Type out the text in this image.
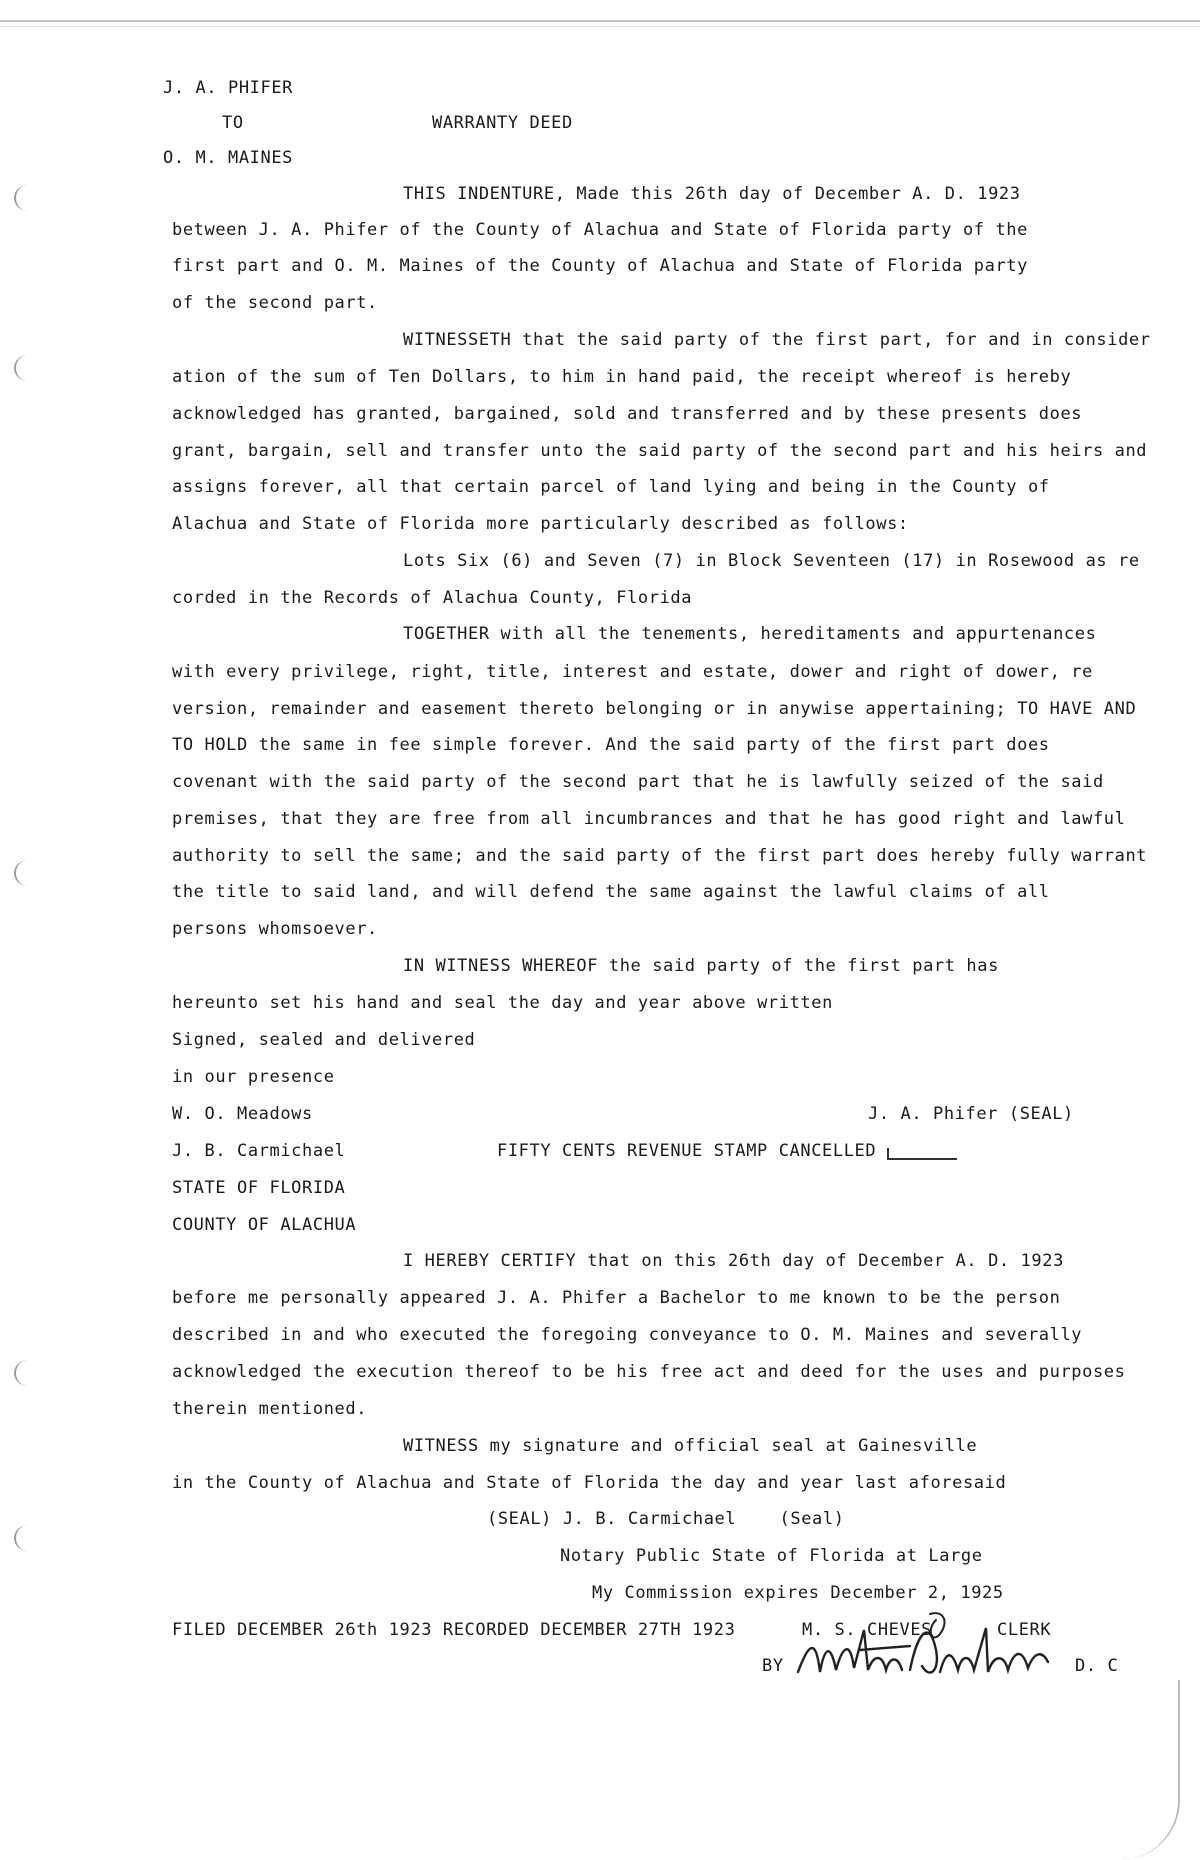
J. A. PHIFER
TO	WARRANTY DEED
O. M. MAINES
THIS INDENTURE, Made this 26th day of December A. D. 1923
between J. A. Phifer of the County of Alachua and State of Florida party of the
first part and O. M. Maines of the County of Alachua and State of Florida party
of the second part.
WITNESSETH that the said party of the first part, for and in consider
ation of the sum of Ten Dollars, to him in hand paid, the receipt whereof is hereby
acknowledged has granted, bargained, sold and transferred and by these presents does
grant, bargain, sell and transfer unto the said party of the second part and his heirs and
assigns forever, all that certain parcel of land lying and being in the County of
Alachua and State of Florida more particularly described as follows:
Lots Six (6) and Seven (7) in Block Seventeen (17) in Rosewood as re
corded in the Records of Alachua County, Florida
TOGETHER with all the tenements, hereditaments and appurtenances
with every privilege, right, title, interest and estate, dower and right of dower, re
version, remainder and easement thereto belonging or in anywise appertaining; TO HAVE AND
TO HOLD the same in fee simple forever. And the said party of the first part does
covenant with the said party of the second part that he is lawfully seized of the said
premises, that they are free from all incumbrances and that he has good right and lawful
authority to sell the same; and the said party of the first part does hereby fully warrant
the title to said land, and will defend the same against the lawful claims of all
persons whomsoever.
IN WITNESS WHEREOF the said party of the first part has
hereunto set his hand and seal the day and year above written
Signed, sealed and delivered
in our presence
W. O. Meadows	J. A. Phifer (SEAL)
J. B. Carmichael	FIFTY CENTS REVENUE STAMP CANCELLED
STATE OF FLORIDA
COUNTY OF ALACHUA
I HEREBY CERTIFY that on this 26th day of December A. D. 1923
before me personally appeared J. A. Phifer a Bachelor to me known to be the person
described in and who executed the foregoing conveyance to O. M. Maines and severally
acknowledged the execution thereof to be his free act and deed for the uses and purposes
therein mentioned.
WITNESS my signature and official seal at Gainesville
in the County of Alachua and State of Florida the day and year last aforesaid
(SEAL) J. B. Carmichael    (Seal)
Notary Public State of Florida at Large
My Commission expires December 2, 1925
FILED DECEMBER 26th 1923 RECORDED DECEMBER 27TH 1923	M. S. CHEVES      CLERK
BY	D. C
